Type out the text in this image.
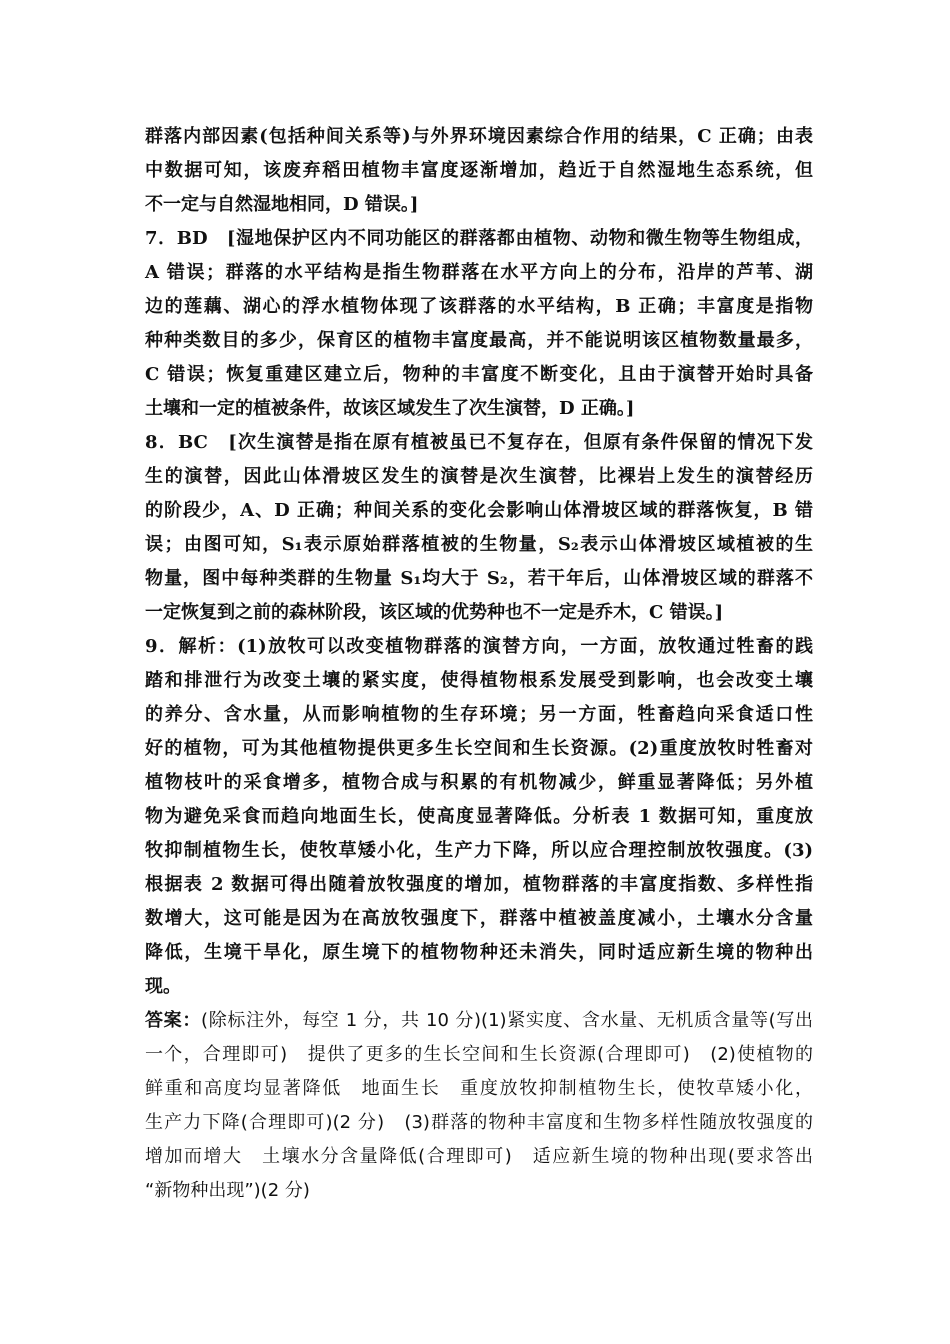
群落内部因素(包括种间关系等)与外界环境因素综合作用的结果，C 正确；由表
中数据可知，该废弃稻田植物丰富度逐渐增加，趋近于自然湿地生态系统，但
不一定与自然湿地相同，D 错误。]
7．BD　[湿地保护区内不同功能区的群落都由植物、动物和微生物等生物组成，
A 错误；群落的水平结构是指生物群落在水平方向上的分布，沿岸的芦苇、湖
边的莲藕、湖心的浮水植物体现了该群落的水平结构，B 正确；丰富度是指物
种种类数目的多少，保育区的植物丰富度最高，并不能说明该区植物数量最多，
C 错误；恢复重建区建立后，物种的丰富度不断变化，且由于演替开始时具备
土壤和一定的植被条件，故该区域发生了次生演替，D 正确。]
8．BC　[次生演替是指在原有植被虽已不复存在，但原有条件保留的情况下发
生的演替，因此山体滑坡区发生的演替是次生演替，比裸岩上发生的演替经历
的阶段少，A、D 正确；种间关系的变化会影响山体滑坡区域的群落恢复，B 错
误；由图可知，S₁表示原始群落植被的生物量，S₂表示山体滑坡区域植被的生
物量，图中每种类群的生物量 S₁均大于 S₂，若干年后，山体滑坡区域的群落不
一定恢复到之前的森林阶段，该区域的优势种也不一定是乔木，C 错误。]
9．解析：(1)放牧可以改变植物群落的演替方向，一方面，放牧通过牲畜的践
踏和排泄行为改变土壤的紧实度，使得植物根系发展受到影响，也会改变土壤
的养分、含水量，从而影响植物的生存环境；另一方面，牲畜趋向采食适口性
好的植物，可为其他植物提供更多生长空间和生长资源。(2)重度放牧时牲畜对
植物枝叶的采食增多，植物合成与积累的有机物减少，鲜重显著降低；另外植
物为避免采食而趋向地面生长，使高度显著降低。分析表 1 数据可知，重度放
牧抑制植物生长，使牧草矮小化，生产力下降，所以应合理控制放牧强度。(3)
根据表 2 数据可得出随着放牧强度的增加，植物群落的丰富度指数、多样性指
数增大，这可能是因为在高放牧强度下，群落中植被盖度减小，土壤水分含量
降低，生境干旱化，原生境下的植物物种还未消失，同时适应新生境的物种出
现。
答案：(除标注外，每空 1 分，共 10 分)(1)紧实度、含水量、无机质含量等(写出
一个，合理即可)　提供了更多的生长空间和生长资源(合理即可)　(2)使植物的
鲜重和高度均显著降低　地面生长　重度放牧抑制植物生长，使牧草矮小化，
生产力下降(合理即可)(2 分)　(3)群落的物种丰富度和生物多样性随放牧强度的
增加而增大　土壤水分含量降低(合理即可)　适应新生境的物种出现(要求答出
“新物种出现”)(2 分)
